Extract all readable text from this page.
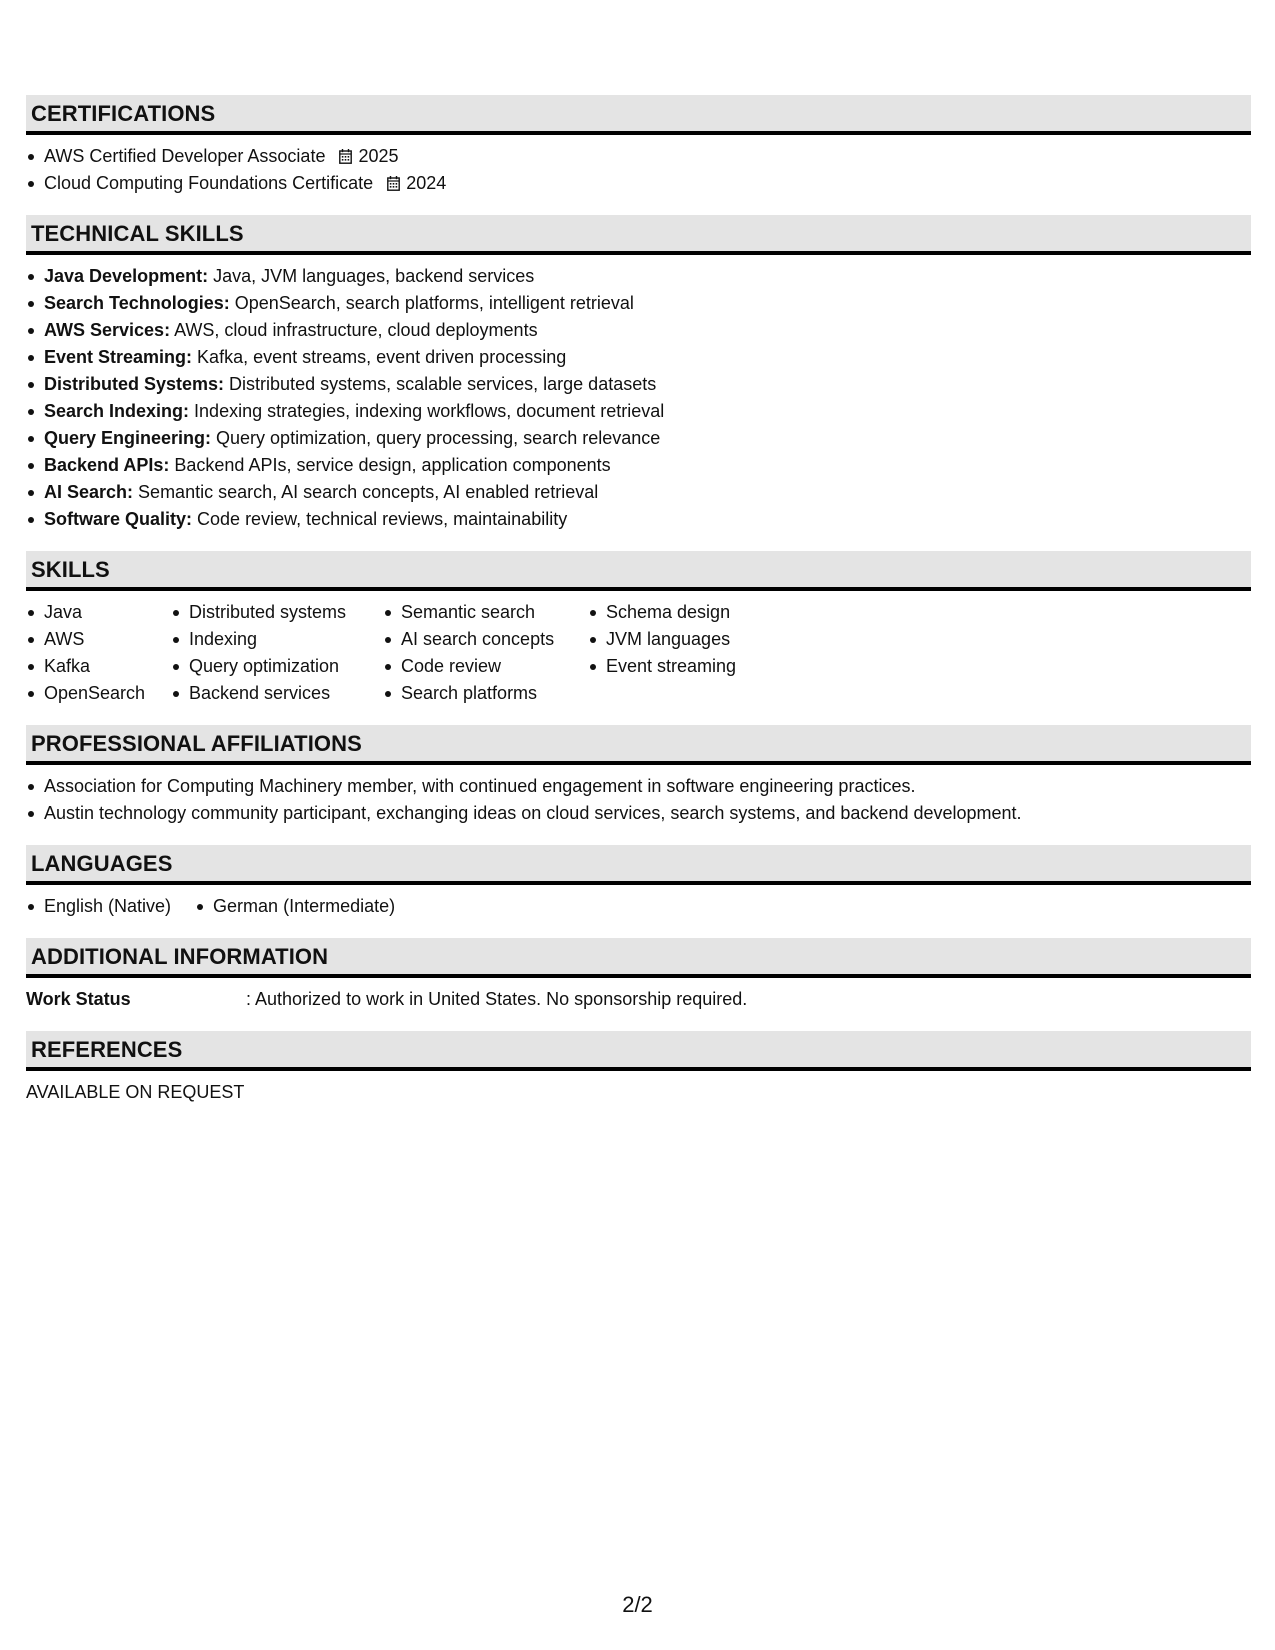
CERTIFICATIONS
AWS Certified Developer Associate 2025
Cloud Computing Foundations Certificate 2024
TECHNICAL SKILLS
Java Development: Java, JVM languages, backend services
Search Technologies: OpenSearch, search platforms, intelligent retrieval
AWS Services: AWS, cloud infrastructure, cloud deployments
Event Streaming: Kafka, event streams, event driven processing
Distributed Systems: Distributed systems, scalable services, large datasets
Search Indexing: Indexing strategies, indexing workflows, document retrieval
Query Engineering: Query optimization, query processing, search relevance
Backend APIs: Backend APIs, service design, application components
AI Search: Semantic search, AI search concepts, AI enabled retrieval
Software Quality: Code review, technical reviews, maintainability
SKILLS
Java
AWS
Kafka
OpenSearch
Distributed systems
Indexing
Query optimization
Backend services
Semantic search
AI search concepts
Code review
Search platforms
Schema design
JVM languages
Event streaming
PROFESSIONAL AFFILIATIONS
Association for Computing Machinery member, with continued engagement in software engineering practices.
Austin technology community participant, exchanging ideas on cloud services, search systems, and backend development.
LANGUAGES
English (Native)	German (Intermediate)
ADDITIONAL INFORMATION
Work Status	: Authorized to work in United States. No sponsorship required.
REFERENCES
AVAILABLE ON REQUEST
2/2
